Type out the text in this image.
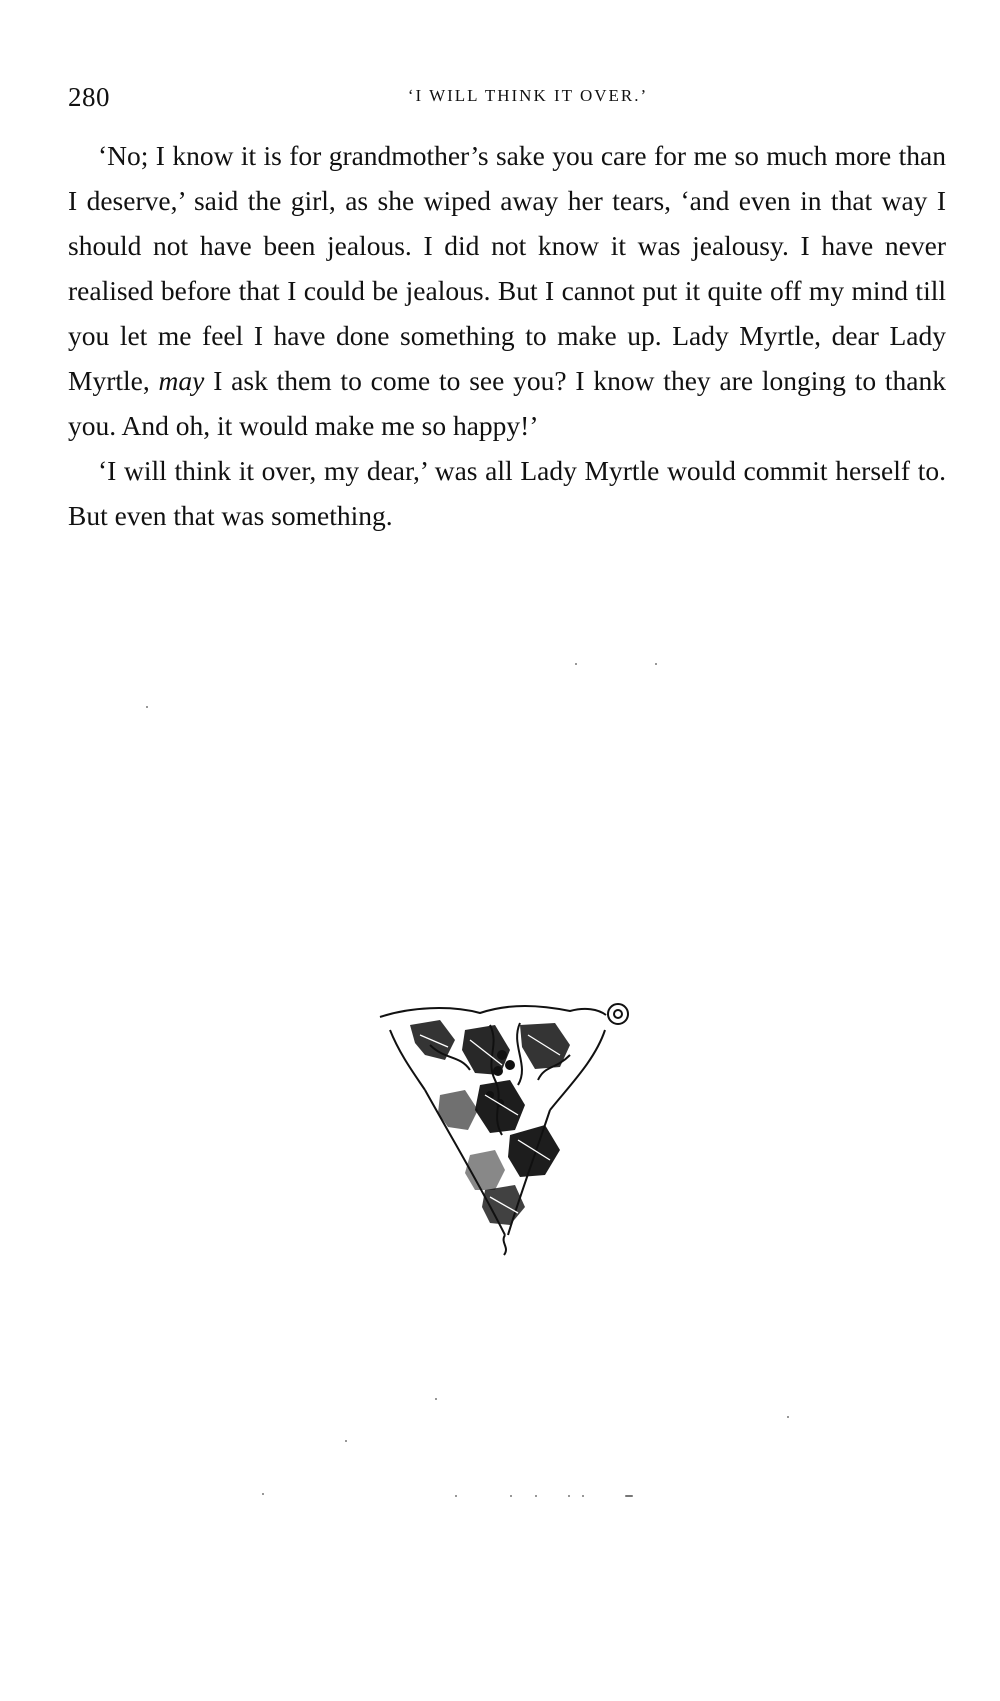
280	‘I WILL THINK IT OVER.’

‘No; I know it is for grandmother’s sake you care for me so much more than I deserve,’ said the girl, as she wiped away her tears, ‘and even in that way I should not have been jealous. I did not know it was jealousy. I have never realised before that I could be jealous. But I cannot put it quite off my mind till you let me feel I have done something to make up. Lady Myrtle, dear Lady Myrtle, may I ask them to come to see you? I know they are longing to thank you. And oh, it would make me so happy!’

‘I will think it over, my dear,’ was all Lady Myrtle would commit herself to. But even that was something.
